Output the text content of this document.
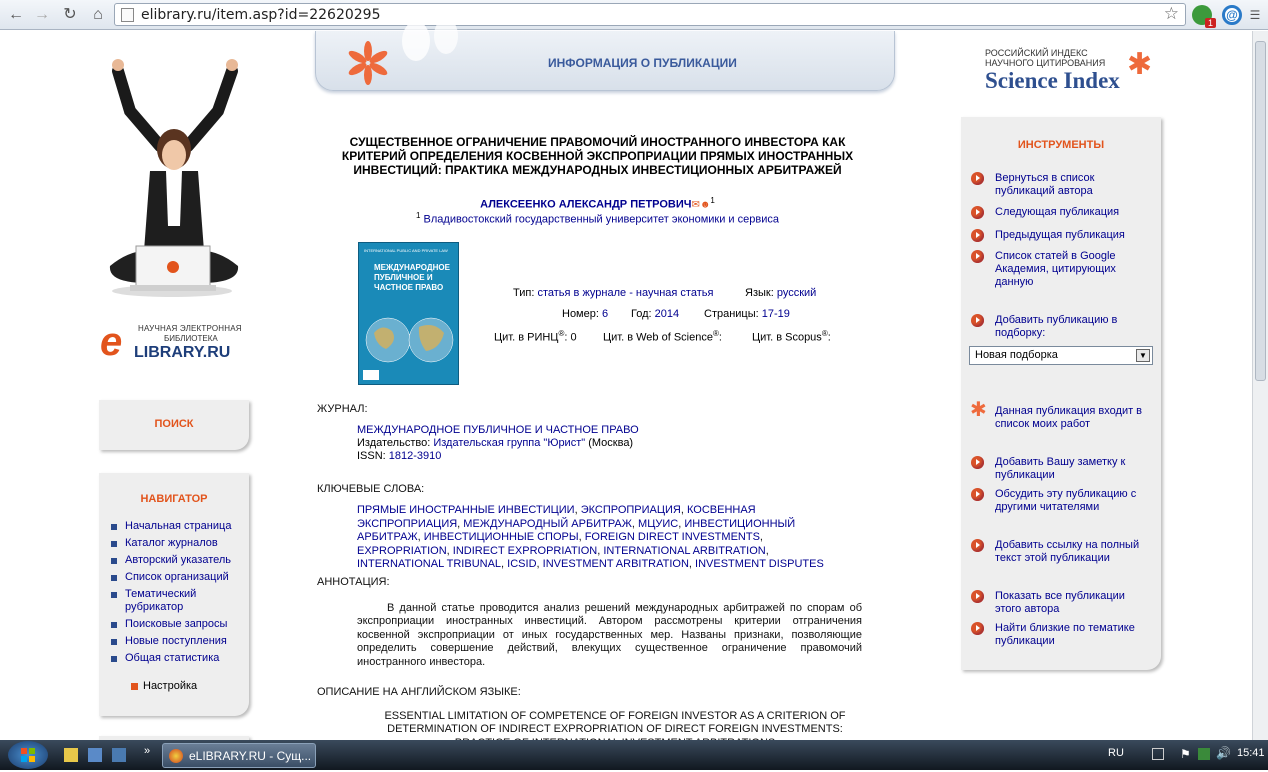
← → ↻	⌂	elibrary.ru/item.asp?id=22620295	☆	1
@ ☰
НАУЧНАЯ ЭЛЕКТРОННАЯ
БИБЛИОТЕКА
e LIBRARY.RU
ПОИСК
НАВИГАТОР
Начальная страница
Каталог журналов
Авторский указатель
Список организаций
Тематический рубрикатор
Поисковые запросы
Новые поступления
Общая статистика
Настройка
ИНФОРМАЦИЯ О ПУБЛИКАЦИИ
РОССИЙСКИЙ ИНДЕКС
НАУЧНОГО ЦИТИРОВАНИЯ
Science Index ✱
СУЩЕСТВЕННОЕ ОГРАНИЧЕНИЕ ПРАВОМОЧИЙ ИНОСТРАННОГО ИНВЕСТОРА КАК КРИТЕРИЙ ОПРЕДЕЛЕНИЯ КОСВЕННОЙ ЭКСПРОПРИАЦИИ ПРЯМЫХ ИНОСТРАННЫХ ИНВЕСТИЦИЙ: ПРАКТИКА МЕЖДУНАРОДНЫХ ИНВЕСТИЦИОННЫХ АРБИТРАЖЕЙ
АЛЕКСЕЕНКО АЛЕКСАНДР ПЕТРОВИЧ✉☻$^1$
$^1$ Владивостокский государственный университет экономики и сервиса
INTERNATIONAL PUBLIC AND PRIVATE LAW
МЕЖДУНАРОДНОЕ ПУБЛИЧНОЕ И ЧАСТНОЕ ПРАВО	Тип: статья в журнале - научная статья	Язык: русский
Номер: 6 Год: 2014 Страницы: 17-19
Цит. в РИНЦ®: 0 Цит. в Web of Science®:	Цит. в Scopus®:
ЖУРНАЛ:
МЕЖДУНАРОДНОЕ ПУБЛИЧНОЕ И ЧАСТНОЕ ПРАВО
Издательство: Издательская группа "Юрист" (Москва)
ISSN: 1812-3910
КЛЮЧЕВЫЕ СЛОВА:
ПРЯМЫЕ ИНОСТРАННЫЕ ИНВЕСТИЦИИ, ЭКСПРОПРИАЦИЯ, КОСВЕННАЯ ЭКСПРОПРИАЦИЯ, МЕЖДУНАРОДНЫЙ АРБИТРАЖ, МЦУИС, ИНВЕСТИЦИОННЫЙ АРБИТРАЖ, ИНВЕСТИЦИОННЫЕ СПОРЫ, FOREIGN DIRECT INVESTMENTS, EXPROPRIATION, INDIRECT EXPROPRIATION, INTERNATIONAL ARBITRATION, INTERNATIONAL TRIBUNAL, ICSID, INVESTMENT ARBITRATION, INVESTMENT DISPUTES
АННОТАЦИЯ:
В данной статье проводится анализ решений международных арбитражей по спорам об экспроприации иностранных инвестиций. Автором рассмотрены критерии отграничения косвенной экспроприации от иных государственных мер. Названы признаки, позволяющие определить совершение действий, влекущих существенное ограничение правомочий иностранного инвестора.
ОПИСАНИЕ НА АНГЛИЙСКОМ ЯЗЫКЕ:
ESSENTIAL LIMITATION OF COMPETENCE OF FOREIGN INVESTOR AS A CRITERION OF DETERMINATION OF INDIRECT EXPROPRIATION OF DIRECT FOREIGN INVESTMENTS:
ИНСТРУМЕНТЫ
Вернуться в список публикаций автора
Следующая публикация
Предыдущая публикация
Список статей в Google Академия, цитирующих данную
Добавить публикацию в подборку:
Новая подборка	▼
✱ Данная публикация входит в список моих работ
Добавить Вашу заметку к публикации
Обсудить эту публикацию с другими читателями
Добавить ссылку на полный текст этой публикации
Показать все публикации этого автора
Найти близкие по тематике публикации
»	eLIBRARY.RU - Сущ...	RU	⚑ 🔊 15:41
